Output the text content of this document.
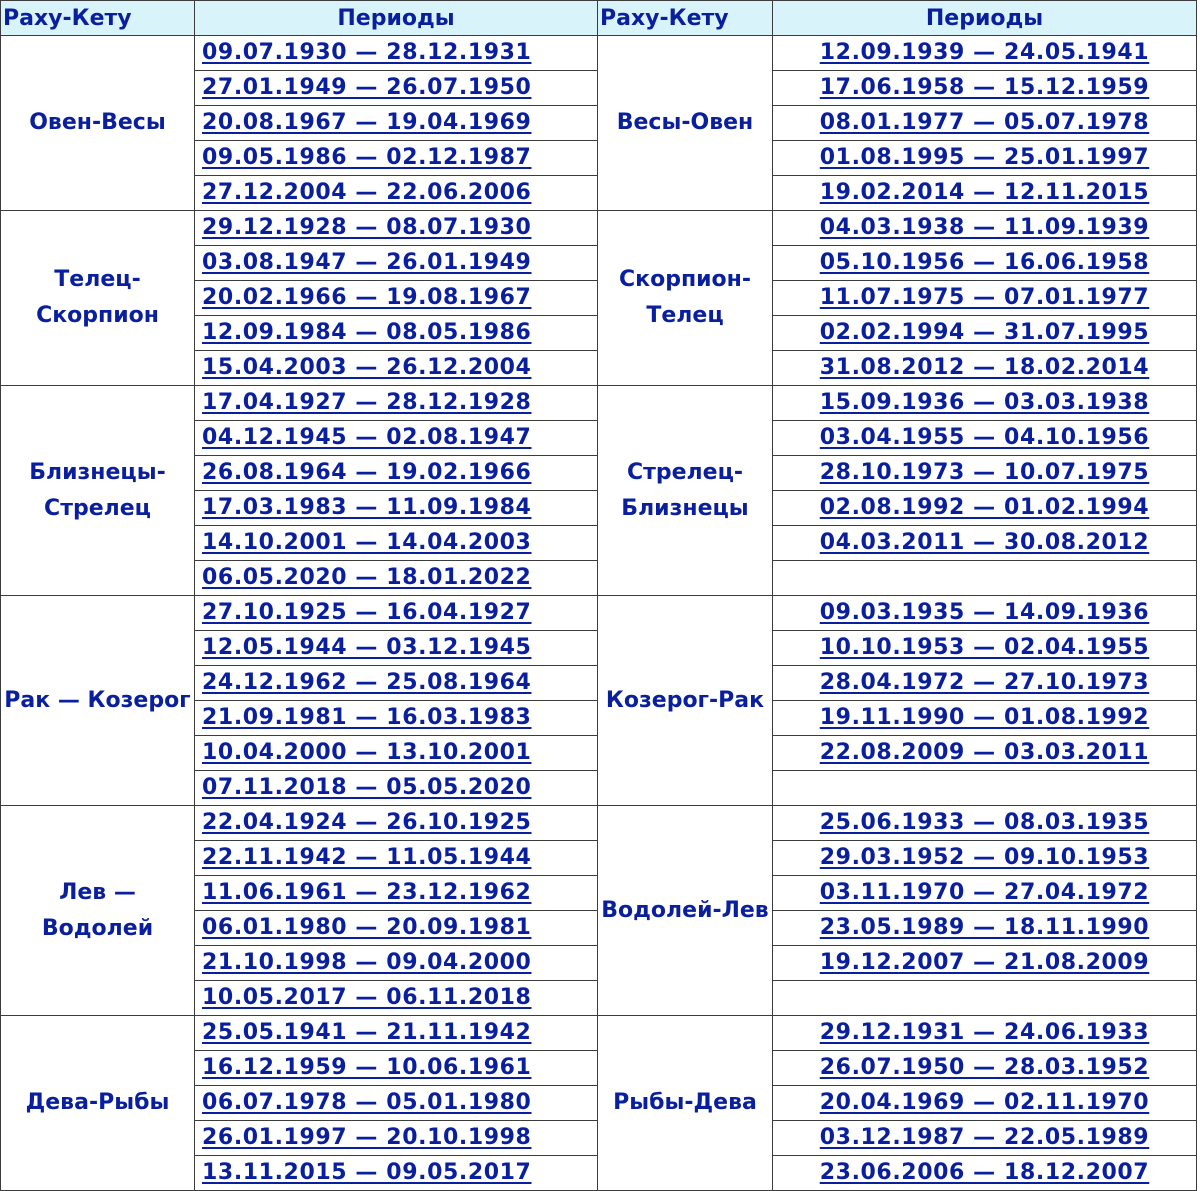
Раху-Кету	Периоды	Раху-Кету	Периоды
Овен-Весы	09.07.1930 — 28.12.1931	Весы-Овен	12.09.1939 — 24.05.1941
	27.01.1949 — 26.07.1950		17.06.1958 — 15.12.1959
	20.08.1967 — 19.04.1969		08.01.1977 — 05.07.1978
	09.05.1986 — 02.12.1987		01.08.1995 — 25.01.1997
	27.12.2004 — 22.06.2006		19.02.2014 — 12.11.2015
Телец-Скорпион	29.12.1928 — 08.07.1930	Скорпион-Телец	04.03.1938 — 11.09.1939
	03.08.1947 — 26.01.1949		05.10.1956 — 16.06.1958
	20.02.1966 — 19.08.1967		11.07.1975 — 07.01.1977
	12.09.1984 — 08.05.1986		02.02.1994 — 31.07.1995
	15.04.2003 — 26.12.2004		31.08.2012 — 18.02.2014
Близнецы-Стрелец	17.04.1927 — 28.12.1928	Стрелец-Близнецы	15.09.1936 — 03.03.1938
	04.12.1945 — 02.08.1947		03.04.1955 — 04.10.1956
	26.08.1964 — 19.02.1966		28.10.1973 — 10.07.1975
	17.03.1983 — 11.09.1984		02.08.1992 — 01.02.1994
	14.10.2001 — 14.04.2003		04.03.2011 — 30.08.2012
	06.05.2020 — 18.01.2022		
Рак — Козерог	27.10.1925 — 16.04.1927	Козерог-Рак	09.03.1935 — 14.09.1936
	12.05.1944 — 03.12.1945		10.10.1953 — 02.04.1955
	24.12.1962 — 25.08.1964		28.04.1972 — 27.10.1973
	21.09.1981 — 16.03.1983		19.11.1990 — 01.08.1992
	10.04.2000 — 13.10.2001		22.08.2009 — 03.03.2011
	07.11.2018 — 05.05.2020		
Лев — Водолей	22.04.1924 — 26.10.1925	Водолей-Лев	25.06.1933 — 08.03.1935
	22.11.1942 — 11.05.1944		29.03.1952 — 09.10.1953
	11.06.1961 — 23.12.1962		03.11.1970 — 27.04.1972
	06.01.1980 — 20.09.1981		23.05.1989 — 18.11.1990
	21.10.1998 — 09.04.2000		19.12.2007 — 21.08.2009
	10.05.2017 — 06.11.2018		
Дева-Рыбы	25.05.1941 — 21.11.1942	Рыбы-Дева	29.12.1931 — 24.06.1933
	16.12.1959 — 10.06.1961		26.07.1950 — 28.03.1952
	06.07.1978 — 05.01.1980		20.04.1969 — 02.11.1970
	26.01.1997 — 20.10.1998		03.12.1987 — 22.05.1989
	13.11.2015 — 09.05.2017		23.06.2006 — 18.12.2007
